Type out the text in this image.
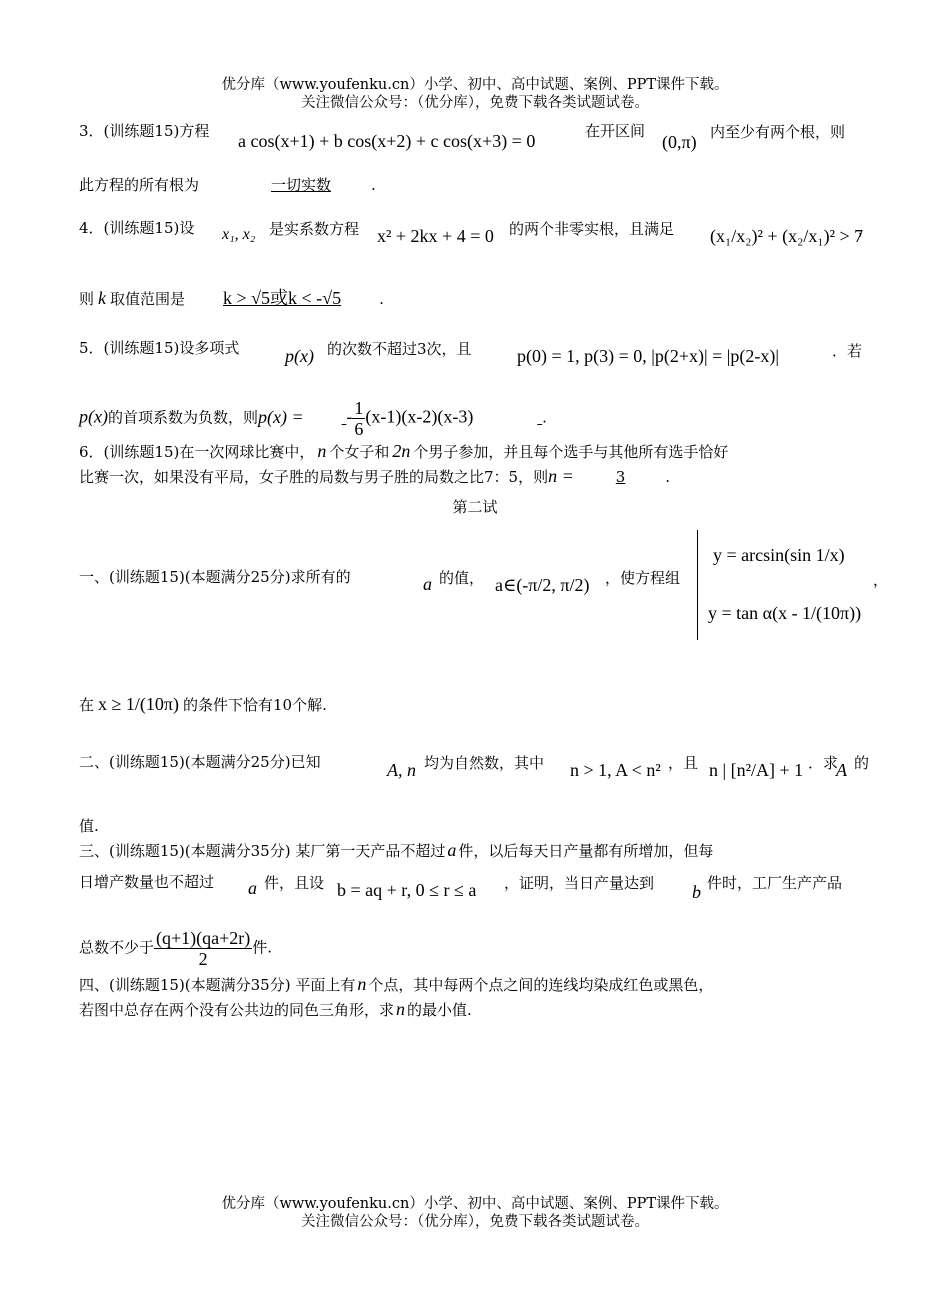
优分库（www.youfenku.cn）小学、初中、高中试题、案例、PPT课件下载。
关注微信公众号：（优分库），免费下载各类试题试卷。
3．(训练题15)方程 a cos(x+1) + b cos(x+2) + c cos(x+3) = 0	在开区间
(0,π) 内至少有两个根，则
此方程的所有根为	一切实数	.
4．(训练题15)设 x₁, x₂ 是实系数方程 x² + 2kx + 4 = 0 的两个非零实根，且满足 (x₁/x₂)² + (x₂/x₁)² > 7
，
则 k 取值范围是 k > √5或k < -√5	.
5．(训练题15)设多项式	p(x) 的次数不超过3次，且	p(0) = 1, p(3) = 0, |p(2+x)| = |p(2-x)|	．若
p(x)的首项系数为负数，则p(x) = - $\frac{1}{6} (x-1)(x-2)(x-3)$	.
6．(训练题15)在一次网球比赛中， n 个女子和 2n 个男子参加，并且每个选手与其他所有选手恰好
比赛一次，如果没有平局，女子胜的局数与男子胜的局数之比7：5，则n =	3	.
第二试
一、(训练题15)(本题满分25分)求所有的	a 的值， a∈(-π/2, π/2) ，使方程组
y = arcsin(sin 1/x)
y = tan α(x - 1/(10π))
，
在 x ≥ 1/(10π) 的条件下恰有10个解.
二、(训练题15)(本题满分25分)已知	A, n 均为自然数，其中 n > 1, A < n² ，且 n | [n²/A] + 1 ．求
A 的
值.
三、(训练题15)(本题满分35分) 某厂第一天产品不超过 a 件，以后每天日产量都有所增加，但每
日增产数量也不超过 a 件，且设 b = aq + r, 0 ≤ r ≤ a ，证明，当日产量达到 b 件时，工厂生产产品
总数不少于 $\frac{(q+1)(qa+2r)}{2}$ 件.
四、(训练题15)(本题满分35分) 平面上有 n 个点，其中每两个点之间的连线均染成红色或黑色，
若图中总存在两个没有公共边的同色三角形，求 n 的最小值.
优分库（www.youfenku.cn）小学、初中、高中试题、案例、PPT课件下载。
关注微信公众号：（优分库），免费下载各类试题试卷。
